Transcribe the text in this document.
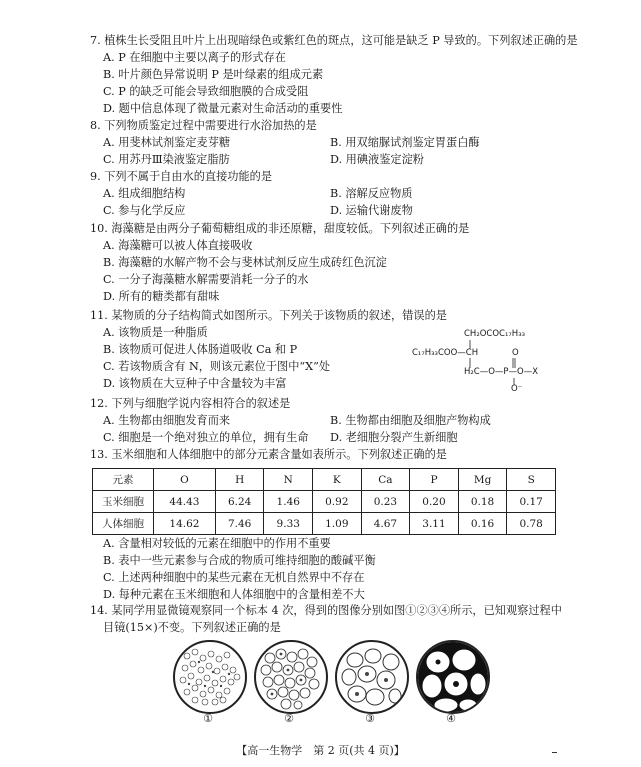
7. 植株生长受阻且叶片上出现暗绿色或紫红色的斑点，这可能是缺乏 P 导致的。下列叙述正确的是
A. P 在细胞中主要以离子的形式存在
B. 叶片颜色异常说明 P 是叶绿素的组成元素
C. P 的缺乏可能会导致细胞膜的合成受阻
D. 题中信息体现了微量元素对生命活动的重要性
8. 下列物质鉴定过程中需要进行水浴加热的是
A. 用斐林试剂鉴定麦芽糖	B. 用双缩脲试剂鉴定胃蛋白酶
C. 用苏丹Ⅲ染液鉴定脂肪	D. 用碘液鉴定淀粉
9. 下列不属于自由水的直接功能的是
A. 组成细胞结构	B. 溶解反应物质
C. 参与化学反应	D. 运输代谢废物
10. 海藻糖是由两分子葡萄糖组成的非还原糖，甜度较低。下列叙述正确的是
A. 海藻糖可以被人体直接吸收
B. 海藻糖的水解产物不会与斐林试剂反应生成砖红色沉淀
C. 一分子海藻糖水解需要消耗一分子的水
D. 所有的糖类都有甜味
11. 某物质的分子结构简式如图所示。下列关于该物质的叙述，错误的是
A. 该物质是一种脂质
B. 该物质可促进人体肠道吸收 Ca 和 P
C. 若该物质含有 N，则该元素位于图中“X”处
D. 该物质在大豆种子中含量较为丰富
CH₂OCOC₁₇H₃₃
C₁₇H₃₃COO—CH	O
H₂C—O—P—O—X
O⁻
12. 下列与细胞学说内容相符合的叙述是
A. 生物都由细胞发育而来	B. 生物都由细胞及细胞产物构成
C. 细胞是一个绝对独立的单位，拥有生命 D. 老细胞分裂产生新细胞
13. 玉米细胞和人体细胞中的部分元素含量如表所示。下列叙述正确的是
元素	O	H	N	K	Ca	P	Mg	S
玉米细胞	44.43	6.24	1.46	0.92	0.23	0.20	0.18	0.17
人体细胞	14.62	7.46	9.33	1.09	4.67	3.11	0.16	0.78
A. 含量相对较低的元素在细胞中的作用不重要
B. 表中一些元素参与合成的物质可维持细胞的酸碱平衡
C. 上述两种细胞中的某些元素在无机自然界中不存在
D. 每种元素在玉米细胞和人体细胞中的含量相差不大
14. 某同学用显微镜观察同一个标本 4 次，得到的图像分别如图①②③④所示，已知观察过程中
目镜(15×)不变。下列叙述正确的是
①	②	③	④
【高一生物学　第 2 页(共 4 页)】
